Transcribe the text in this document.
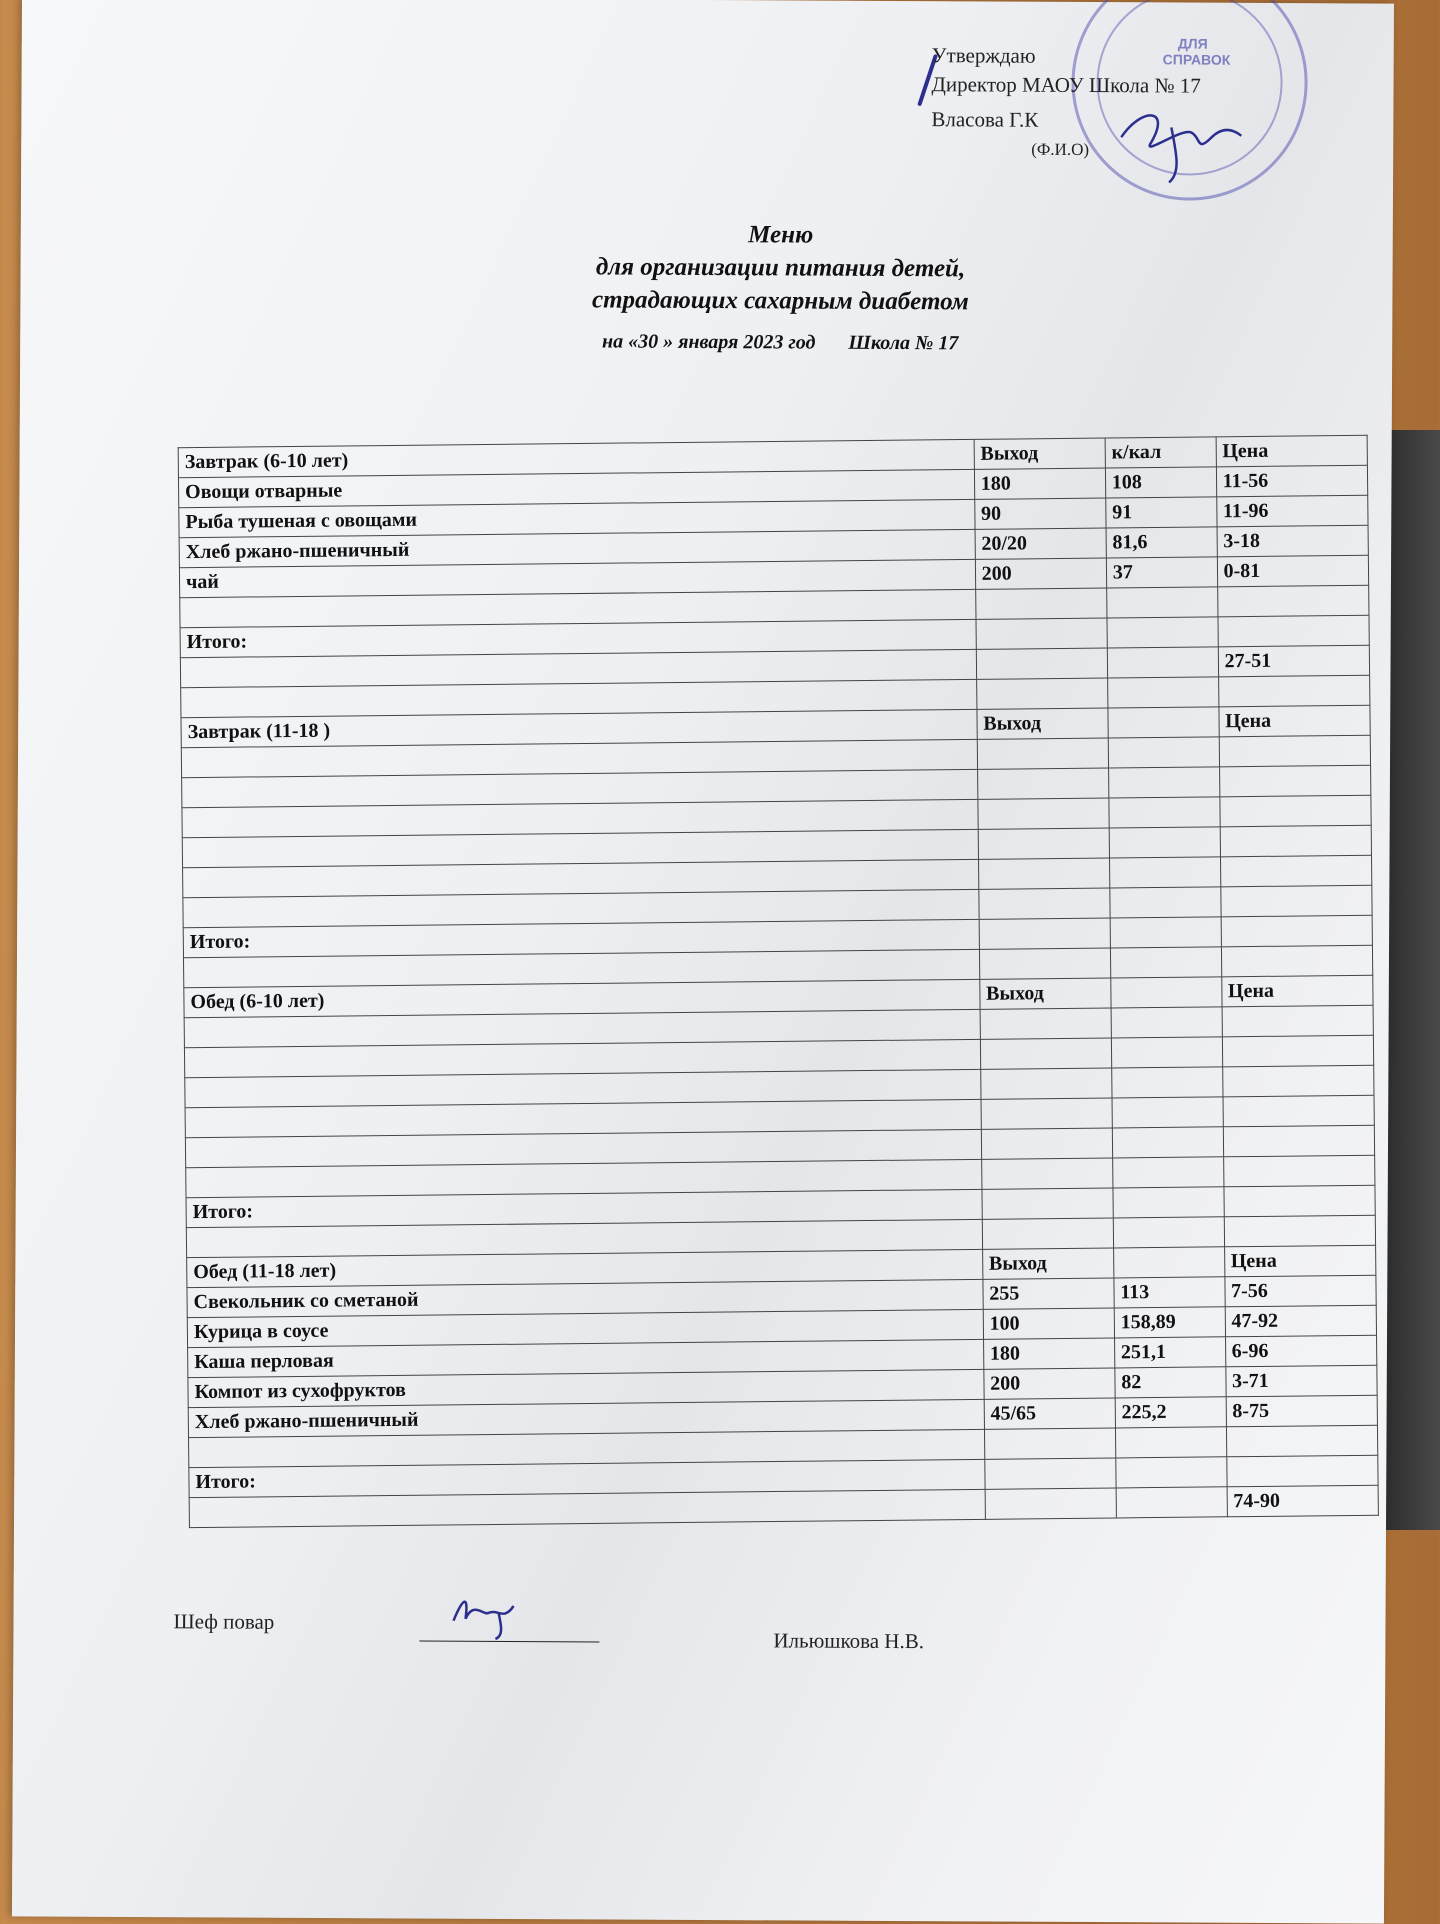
ДЛЯ СПРАВОК
Утверждаю
Директор МАОУ Школа № 17
Власова Г.К
(Ф.И.О)
Меню
для организации питания детей,
страдающих сахарным диабетом
на «30 » января 2023 год Школа № 17
Завтрак (6-10 лет)	Выход	к/кал	Цена
Овощи отварные	180	108	11-56
Рыба тушеная с овощами	90	91	11-96
Хлеб ржано-пшеничный	20/20	81,6	3-18
чай	200	37	0-81

Итого:			
			27-51

Завтрак (11-18 )	Выход		Цена

Итого:			

Обед (6-10 лет)	Выход		Цена

Итого:			

Обед (11-18 лет)	Выход		Цена
Свекольник со сметаной	255	113	7-56
Курица в соусе	100	158,89	47-92
Каша перловая	180	251,1	6-96
Компот из сухофруктов	200	82	3-71
Хлеб ржано-пшеничный	45/65	225,2	8-75

Итого:			
			74-90
Шеф повар
Ильюшкова Н.В.
